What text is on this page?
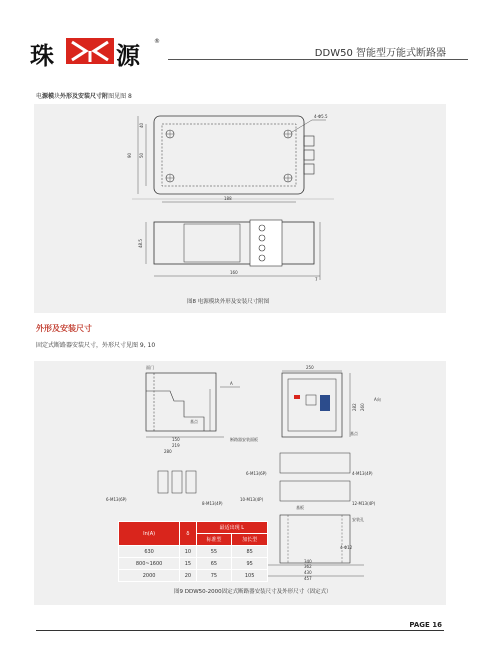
珠	源 ®
DDW50 智能型万能式断路器
电源模块外形及安装尺寸附图见图 8
4-Φ5.5
90 50
40
188
48.5
160
7
图8 电源模块外形及安装尺寸附图
外形及安装尺寸
固定式断路器安装尺寸，外形尺寸见图 9, 10
面门
基点
A
150
219
280
断路器安装面板
250
282 260
A向
基点
6-M13(6P)
8-M13(4P)
6-M13(6P)	4-M13(4P)
10-M13(4P)
12-M13(4P)
基板
4-Φ12
安装孔
340
362
430
457
图9 DDW50-2000固定式断路器安装尺寸及外形尺寸（固定式）
In(A)	δ	最适出现 L	
		标准型	加长型
630	10	55	85
800~1600	15	65	95
2000	20	75	105
PAGE 16
